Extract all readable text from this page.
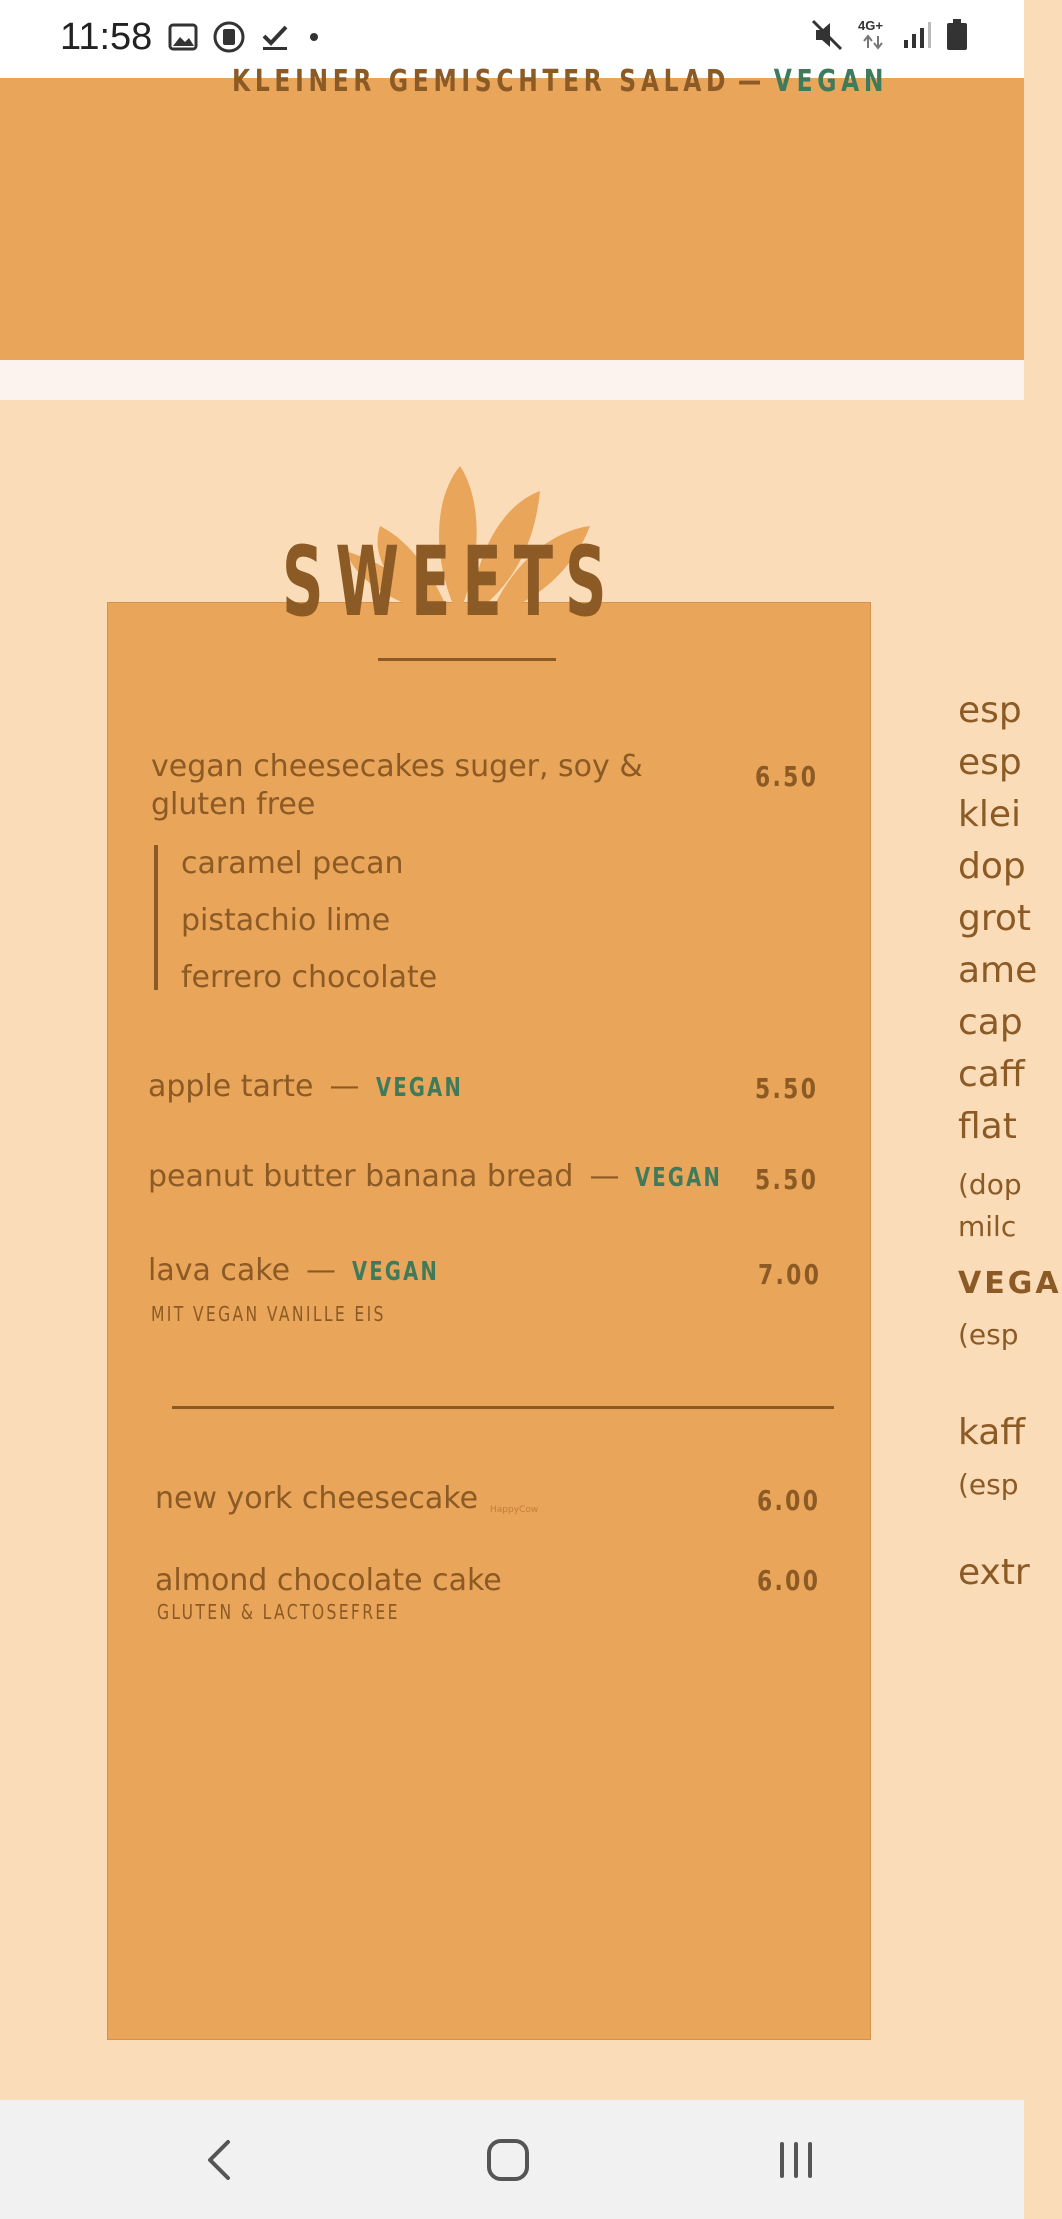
11:58	4G+
KLEINER GEMISCHTER SALAD — VEGAN
SWEETS
vegan cheesecakes suger, soy &
gluten free
6.50
caramel pecan
pistachio lime
ferrero chocolate
apple tarte — VEGAN	5.50
HappyCow
peanut butter banana bread — VEGAN	5.50
lava cake — VEGAN
MIT VEGAN VANILLE EIS
7.00
new york cheesecake	6.00
almond chocolate cake
GLUTEN & LACTOSEFREE
6.00
esp
esp
klei
dop
grot
ame
cap
caff
flat
(dop
milc
VEGA
(esp
kaff
(esp
extr
